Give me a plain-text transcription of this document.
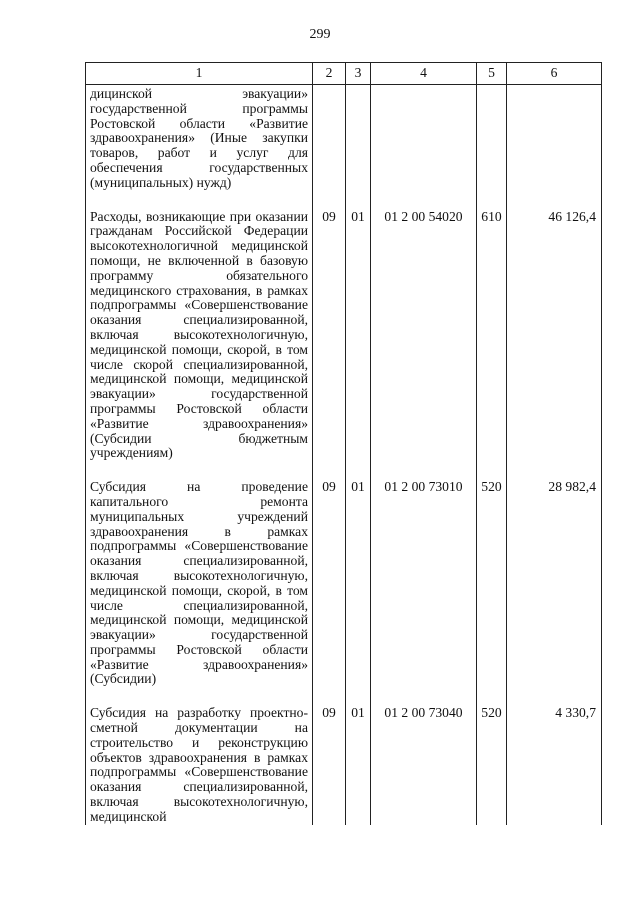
299
1	2	3	4	5	6
дицинской эвакуации» государственной программы Ростовской области «Развитие здравоохранения» (Иные закупки товаров, работ и услуг для обеспечения государственных (муниципальных) нужд)					

Расходы, возникающие при оказании гражданам Российской Федерации высокотехнологичной медицинской помощи, не включенной в базовую программу обязательного медицинского страхования, в рамках подпрограммы «Совершенствование оказания специализированной, включая высокотехнологичную, медицинской помощи, скорой, в том числе скорой специализированной, медицинской помощи, медицинской эвакуации» государственной программы Ростовской области «Развитие здравоохранения» (Субсидии бюджетным учреждениям)	09	01	01 2 00 54020	610	46 126,4

Субсидия на проведение капитального ремонта муниципальных учреждений здравоохранения в рамках подпрограммы «Совершенствование оказания специализированной, включая высокотехнологичную, медицинской помощи, скорой, в том числе специализированной, медицинской помощи, медицинской эвакуации» государственной программы Ростовской области «Развитие здравоохранения» (Субсидии)	09	01	01 2 00 73010	520	28 982,4

Субсидия на разработку проектно-сметной документации на строительство и реконструкцию объектов здравоохранения в рамках подпрограммы «Совершенствование оказания специализированной, включая высокотехнологичную, медицинской	09	01	01 2 00 73040	520	4 330,7
